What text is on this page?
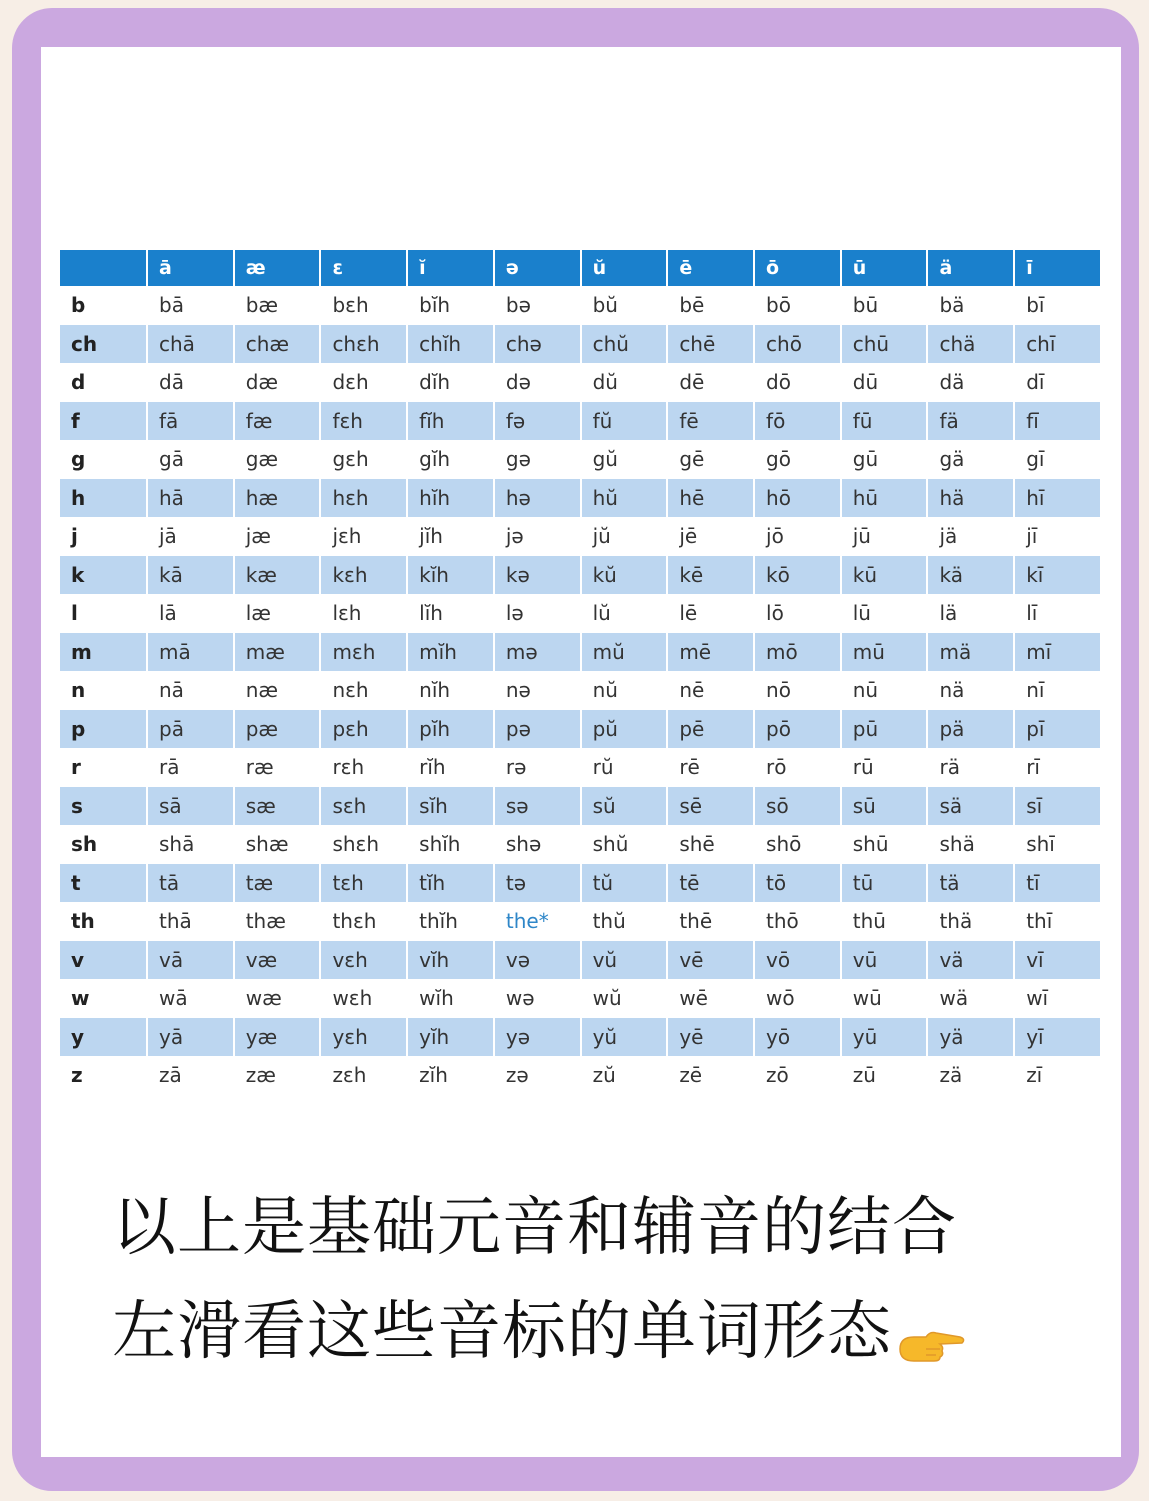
	ā	æ	ɛ	ĭ	ə	ŭ	ē	ō	ū	ä	ī
b	bā	bæ	bɛh	bĭh	bə	bŭ	bē	bō	bū	bä	bī
ch	chā	chæ	chɛh	chĭh	chə	chŭ	chē	chō	chū	chä	chī
d	dā	dæ	dɛh	dĭh	də	dŭ	dē	dō	dū	dä	dī
f	fā	fæ	fɛh	fĭh	fə	fŭ	fē	fō	fū	fä	fī
g	gā	gæ	gɛh	gĭh	gə	gŭ	gē	gō	gū	gä	gī
h	hā	hæ	hɛh	hĭh	hə	hŭ	hē	hō	hū	hä	hī
j	jā	jæ	jɛh	jĭh	jə	jŭ	jē	jō	jū	jä	jī
k	kā	kæ	kɛh	kĭh	kə	kŭ	kē	kō	kū	kä	kī
l	lā	læ	lɛh	lĭh	lə	lŭ	lē	lō	lū	lä	lī
m	mā	mæ	mɛh	mĭh	mə	mŭ	mē	mō	mū	mä	mī
n	nā	næ	nɛh	nĭh	nə	nŭ	nē	nō	nū	nä	nī
p	pā	pæ	pɛh	pĭh	pə	pŭ	pē	pō	pū	pä	pī
r	rā	ræ	rɛh	rĭh	rə	rŭ	rē	rō	rū	rä	rī
s	sā	sæ	sɛh	sĭh	sə	sŭ	sē	sō	sū	sä	sī
sh	shā	shæ	shɛh	shĭh	shə	shŭ	shē	shō	shū	shä	shī
t	tā	tæ	tɛh	tĭh	tə	tŭ	tē	tō	tū	tä	tī
th	thā	thæ	thɛh	thĭh	the*	thŭ	thē	thō	thū	thä	thī
v	vā	væ	vɛh	vĭh	və	vŭ	vē	vō	vū	vä	vī
w	wā	wæ	wɛh	wĭh	wə	wŭ	wē	wō	wū	wä	wī
y	yā	yæ	yɛh	yĭh	yə	yŭ	yē	yō	yū	yä	yī
z	zā	zæ	zɛh	zĭh	zə	zŭ	zē	zō	zū	zä	zī
以上是基础元音和辅音的结合
左滑看这些音标的单词形态
